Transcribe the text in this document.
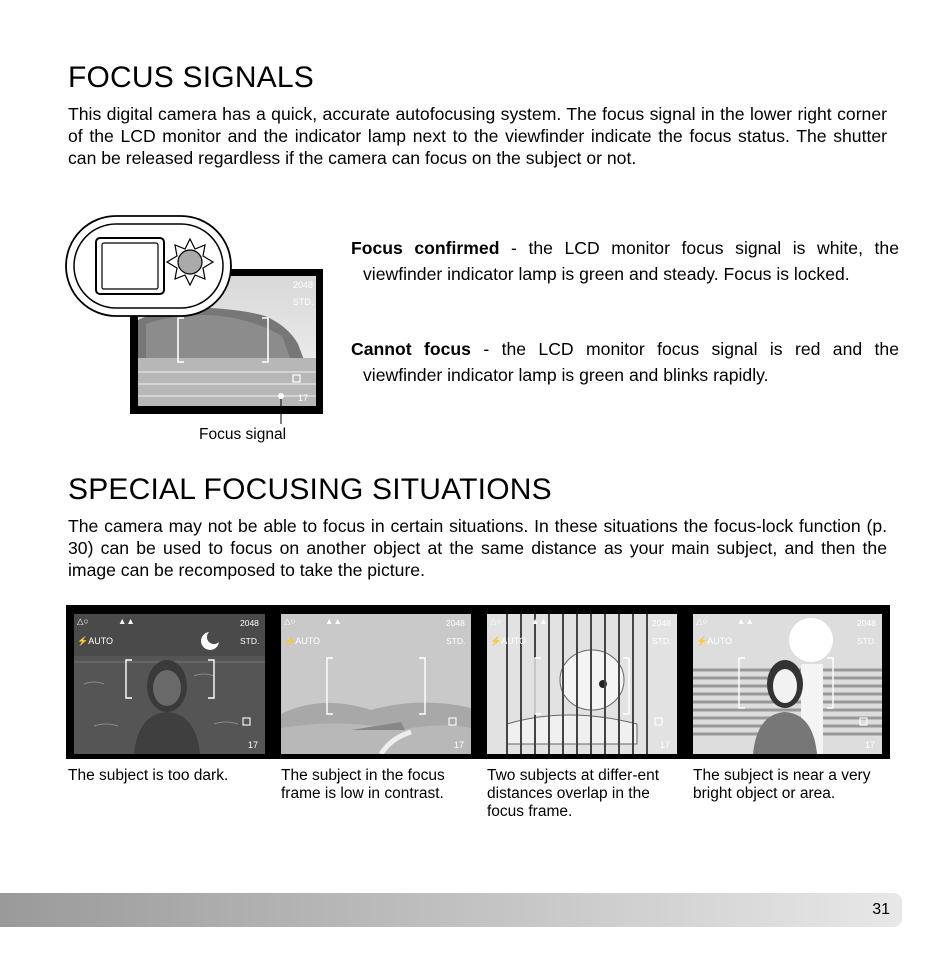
FOCUS SIGNALS

This digital camera has a quick, accurate autofocusing system. The focus signal in the lower right corner of the LCD monitor and the indicator lamp next to the viewfinder indicate the focus status. The shutter can be released regardless if the camera can focus on the subject or not.

2048
STD.
17
Focus signal

Focus confirmed - the LCD monitor focus signal is white, the viewfinder indicator lamp is green and steady. Focus is locked.

Cannot focus - the LCD monitor focus signal is red and the viewfinder indicator lamp is green and blinks rapidly.

SPECIAL FOCUSING SITUATIONS

The camera may not be able to focus in certain situations. In these situations the focus-lock function (p. 30) can be used to focus on another object at the same distance as your main subject, and then the image can be recomposed to take the picture.

△○	▲▲
⚡AUTO
2048
STD.
17
△○	▲▲
⚡AUTO
2048
STD.
17
△○	▲▲
⚡AUTO
2048
STD.
17
△○	▲▲
⚡AUTO
2048
STD.
17

The subject is too dark.	The subject in the focus frame is low in contrast.

Two subjects at differ-ent distances overlap in the focus frame.

The subject is near a very bright object or area.

31
